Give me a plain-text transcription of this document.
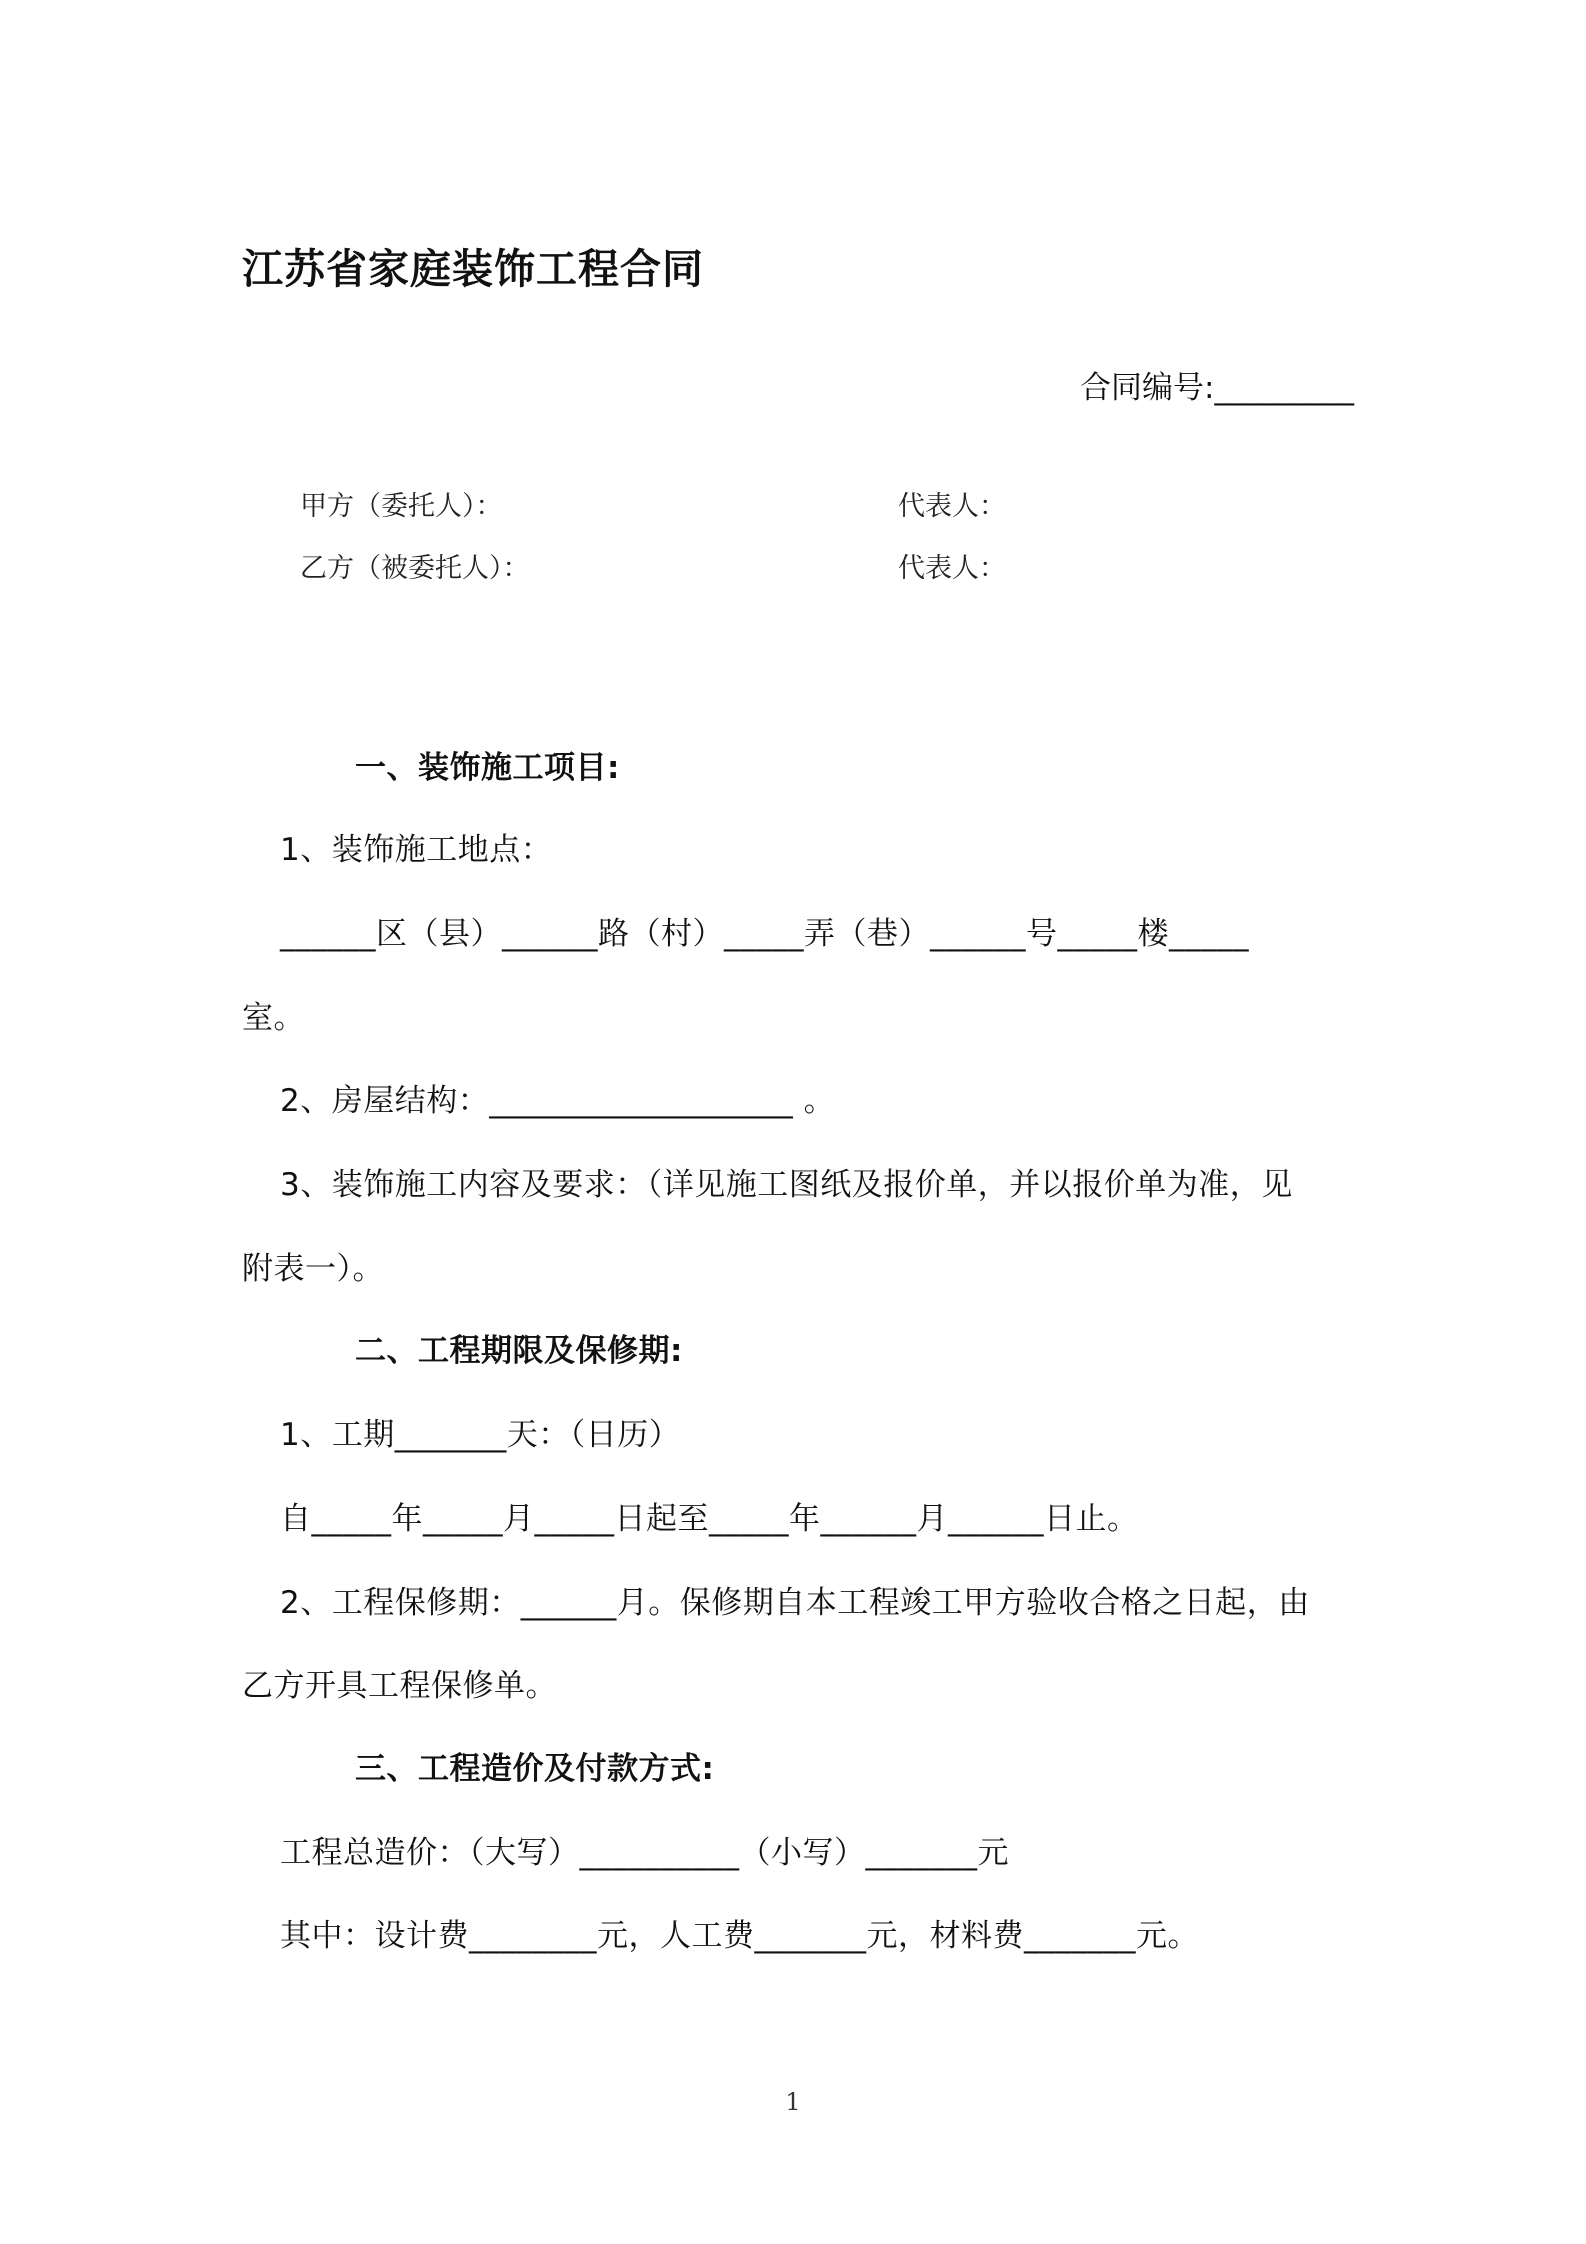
江苏省家庭装饰工程合同
合同编号:_________
甲方（委托人）：	代表人：
乙方（被委托人）：	代表人：
一、装饰施工项目:
1、装饰施工地点：
______区（县）______路（村）_____弄（巷）______号_____楼_____
室。
2、房屋结构：___________________ 。
3、装饰施工内容及要求：（详见施工图纸及报价单，并以报价单为准，见
附表一）。
二、工程期限及保修期:
1、工期_______天：（日历）
自_____年_____月_____日起至_____年______月______日止。
2、工程保修期：______月。保修期自本工程竣工甲方验收合格之日起，由
乙方开具工程保修单。
三、工程造价及付款方式:
工程总造价：（大写）__________（小写）_______元
其中：设计费________元，人工费_______元，材料费_______元。
1
